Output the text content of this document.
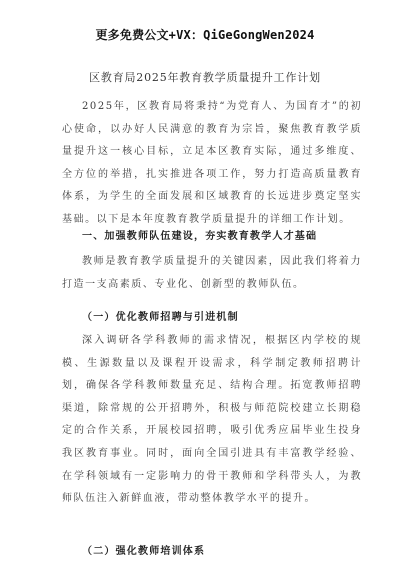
更多免费公文+VX：QiGeGongWen2024
区教育局2025年教育教学质量提升工作计划

2025年，区教育局将秉持“为党育人、为国育才”的初心使命，以办好人民满意的教育为宗旨，聚焦教育教学质量提升这一核心目标，立足本区教育实际，通过多维度、全方位的举措，扎实推进各项工作，努力打造高质量教育体系，为学生的全面发展和区域教育的长远进步奠定坚实基础。以下是本年度教育教学质量提升的详细工作计划。

一、加强教师队伍建设，夯实教育教学人才基础

教师是教育教学质量提升的关键因素，因此我们将着力打造一支高素质、专业化、创新型的教师队伍。

（一）优化教师招聘与引进机制

深入调研各学科教师的需求情况，根据区内学校的规模、生源数量以及课程开设需求，科学制定教师招聘计划，确保各学科教师数量充足、结构合理。拓宽教师招聘渠道，除常规的公开招聘外，积极与师范院校建立长期稳定的合作关系，开展校园招聘，吸引优秀应届毕业生投身我区教育事业。同时，面向全国引进具有丰富教学经验、在学科领域有一定影响力的骨干教师和学科带头人，为教师队伍注入新鲜血液，带动整体教学水平的提升。

（二）强化教师培训体系
